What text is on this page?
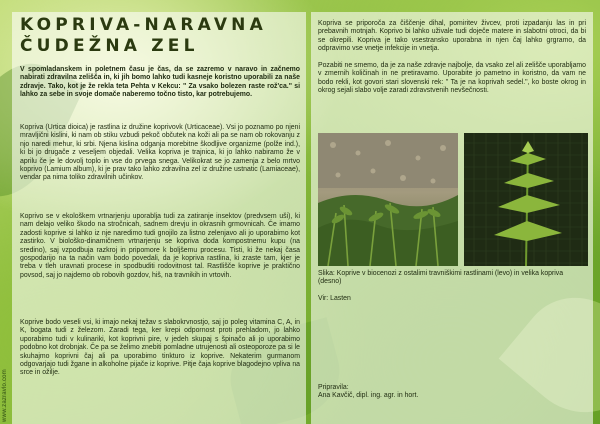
www.zazravlo.com
KOPRIVA-NARAVNA
ČUDEŽNA ZEL
V spomladanskem in poletnem času je čas, da se zazremo v naravo in začnemo nabirati zdravilna zelišča in, ki jih bomo lahko tudi kasneje koristno uporabili za naše zdravje. Tako, kot je že rekla teta Pehta v Kekcu: " Za vsako bolezen raste rož'ca." si lahko za sebe in svoje domače naberemo točno tisto, kar potrebujemo.
Kopriva (Urtica dioica) je rastlina iz družine koprivovk (Urticaceae). Vsi jo poznamo po njeni mravljični kislini, ki nam ob stiku vzbudi pekoč občutek na koži ali pa se nam ob rokovanju z njo naredi mehur, ki srbi. Njena kislina odganja morebitne škodljive organizme (polže ind.), ki bi jo drugače z veseljem objedali. Velika kopriva je trajnica, ki jo lahko nabiramo že v aprilu če je le dovolj toplo in vse do prvega snega. Velikokrat se jo zamenja z belo mrtvo koprivo (Lamium album), ki je prav tako lahko zdravilna zel iz družine ustnatic (Lamiaceae), vendar pa nima toliko zdravilnih učinkov.
Koprivo se v ekološkem vrtnarjenju uporablja tudi za zatiranje insektov (predvsem uši), ki nam delajo veliko škodo na stročnicah, sadnem drevju in okrasnih grmovnicah. Če imamo zadosti koprive si lahko iz nje naredimo tudi gnojilo za listno zelenjavo ali jo uporabimo kot zastirko. V biološko-dinamičnem vrtnarjenju se kopriva doda kompostnemu kupu (na sredino), saj vzpodbuja razkroj in pripomore k boljšemu procesu. Tisti, ki že nekaj časa gospodarijo na ta način vam bodo povedali, da je kopriva rastlina, ki zraste tam, kjer je treba v tleh uravnati procese in spodbuditi rodovitnost tal. Rastlišče koprive je praktično povsod, saj jo najdemo ob robovih gozdov, hiš, na travnikih in vrtovih.
Koprive bodo veseli vsi, ki imajo nekaj težav s slabokrvnostjo, saj jo poleg vitamina C, A, in K, bogata tudi z železom. Zaradi tega, ker krepi odpornost proti prehladom, jo lahko uporabimo tudi v kulinariki, kot koprivni pire, v jedeh skupaj s špinačo ali jo uporabimo podobno kot drobnjak. Če pa se želimo znebiti pomladne utrujenosti ali osteoporoze pa si le skuhajmo koprivni čaj ali pa uporabimo tinkturo iz koprive. Nekaterim gurmanom odgovarjajo tudi žgane in alkoholne pijače iz koprive. Pitje čaja koprive blagodejno vpliva na srce in ožilje.
Kopriva se priporoča za čiščenje dihal, pomiritev živcev, proti izpadanju las in pri prebavnih motnjah. Koprivo bi lahko uživale tudi doječe matere in slabotni otroci, da bi se okrepili. Kopriva je tako vsestransko uporabna in njen čaj lahko grgramo, da odpravimo vse vnetje infekcije in vnetja.
Pozabiti ne smemo, da je za naše zdravje najbolje, da vsako zel ali zelišče uporabljamo v zmernih količinah in ne pretiravamo. Uporabite jo pametno in koristno, da vam ne bodo rekli, kot govori stari slovenski rek: " Ta je na koprivah sedel.", ko boste okrog in okrog sejali slabo volje zaradi zdravstvenih nevšečnosti.
Slika: Koprive v biocenozi z ostalimi travniškimi rastlinami (levo) in velika kopriva (desno)
Vir: Lasten
Pripravila:
Ana Kavčič, dipl. ing. agr. in hort.
